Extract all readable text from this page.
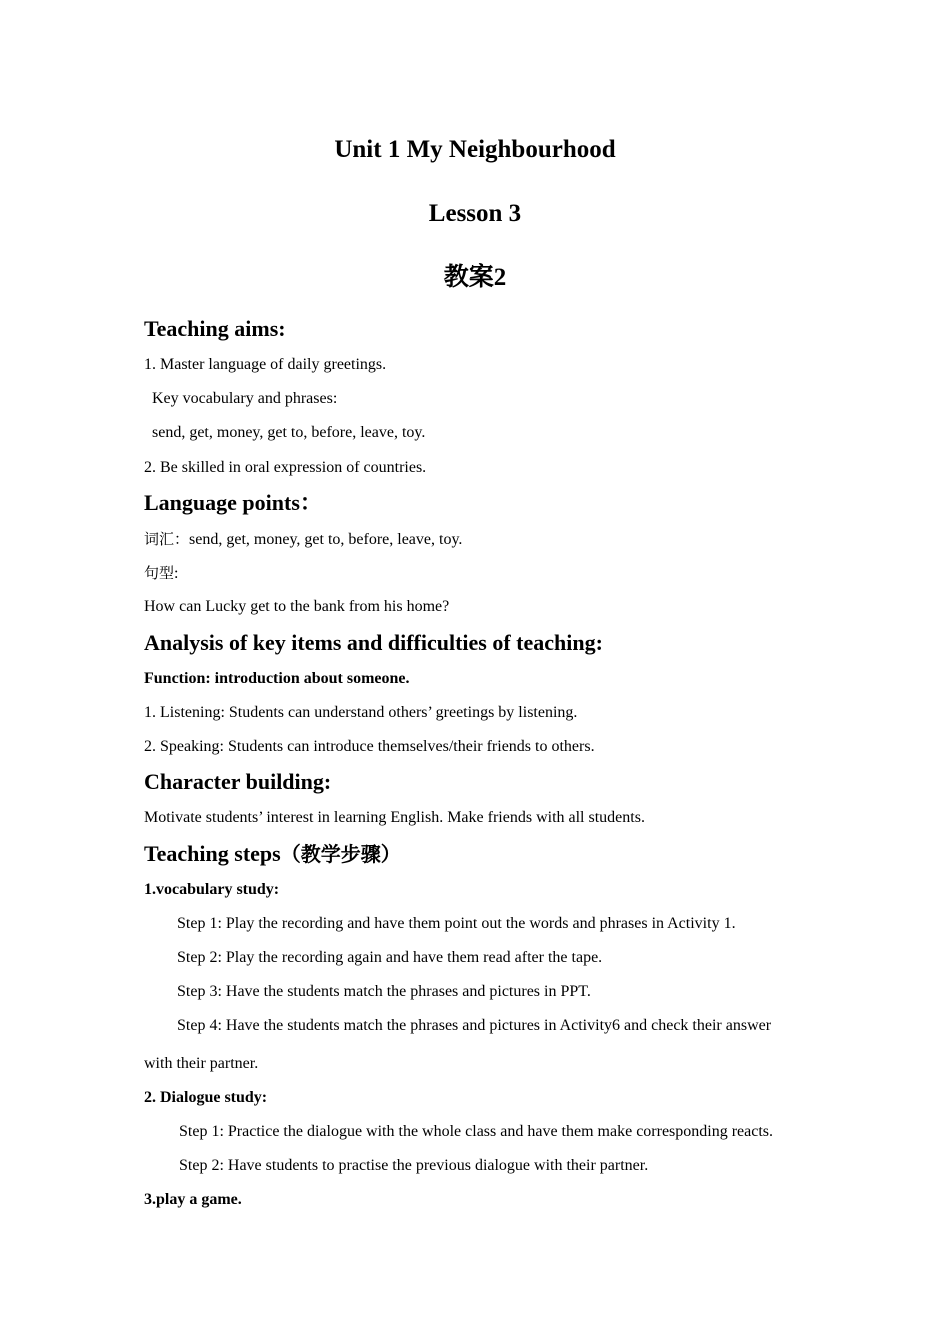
Unit 1 My Neighbourhood
Lesson 3
教案2
Teaching aims:
1. Master language of daily greetings.
Key vocabulary and phrases:
send, get, money, get to, before, leave, toy.
2. Be skilled in oral expression of countries.
Language points：
词汇：send, get, money, get to, before, leave, toy.
句型:
How can Lucky get to the bank from his home?
Analysis of key items and difficulties of teaching:
Function: introduction about someone.
1. Listening: Students can understand others’ greetings by listening.
2. Speaking: Students can introduce themselves/their friends to others.
Character building:
Motivate students’ interest in learning English. Make friends with all students.
Teaching steps（教学步骤）
1.vocabulary study:
Step 1: Play the recording and have them point out the words and phrases in Activity 1.
Step 2: Play the recording again and have them read after the tape.
Step 3: Have the students match the phrases and pictures in PPT.
Step 4: Have the students match the phrases and pictures in Activity6 and check their answer
with their partner.
2. Dialogue study:
Step 1: Practice the dialogue with the whole class and have them make corresponding reacts.
Step 2: Have students to practise the previous dialogue with their partner.
3.play a game.
